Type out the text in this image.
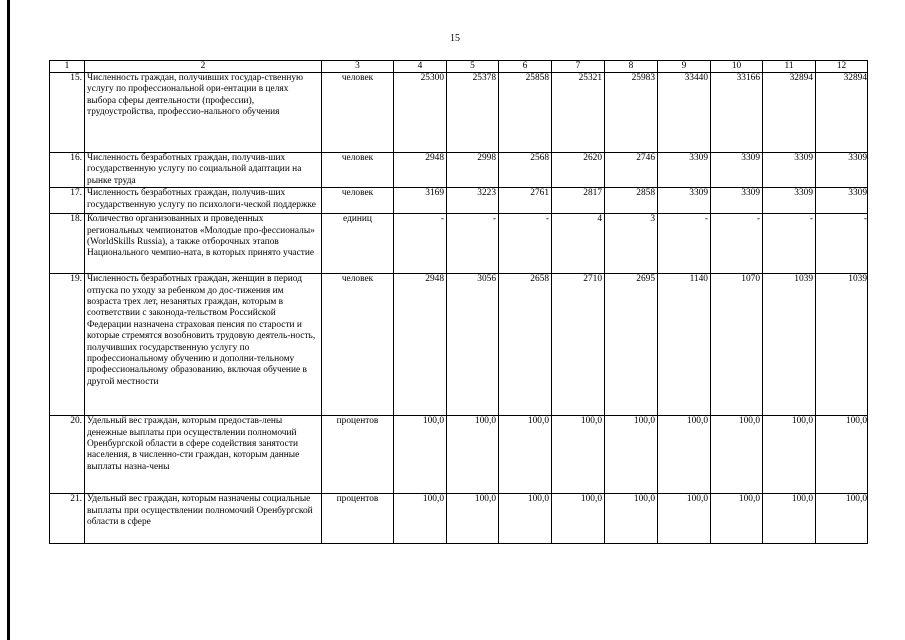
15
1	2	3	4	5	6	7	8	9	10	11	12
15.	Численность граждан, получивших государ-ственную услугу по профессиональной ори-ентации в целях выбора сферы деятельности (профессии), трудоустройства, профессио-нального обучения	человек	25300	25378	25858	25321	25983	33440	33166	32894	32894
16.	Численность безработных граждан, получив-ших государственную услугу по социальной адаптации на рынке труда	человек	2948	2998	2568	2620	2746	3309	3309	3309	3309
17.	Численность безработных граждан, получив-ших государственную услугу по психологи-ческой поддержке	человек	3169	3223	2761	2817	2858	3309	3309	3309	3309
18.	Количество организованных и проведенных региональных чемпионатов «Молодые про-фессионалы» (WorldSkills Russia), а также отборочных этапов Национального чемпио-ната, в которых принято участие	единиц	-	-	-	4	3	-	-	-	-
19.	Численность безработных граждан, женщин в период отпуска по уходу за ребенком до дос-тижения им возраста трех лет, незанятых граждан, которым в соответствии с законода-тельством Российской Федерации назначена страховая пенсия по старости и которые стремятся возобновить трудовую деятель-ность, получивших государственную услугу по профессиональному обучению и дополни-тельному профессиональному образованию, включая обучение в другой местности	человек	2948	3056	2658	2710	2695	1140	1070	1039	1039
20.	Удельный вес граждан, которым предостав-лены денежные выплаты при осуществлении полномочий Оренбургской области в сфере содействия занятости населения, в численно-сти граждан, которым данные выплаты назна-чены	процентов	100,0	100,0	100,0	100,0	100,0	100,0	100,0	100,0	100,0
21.	Удельный вес граждан, которым назначены социальные выплаты при осуществлении полномочий Оренбургской области в сфере	процентов	100,0	100,0	100,0	100,0	100,0	100,0	100,0	100,0	100,0
